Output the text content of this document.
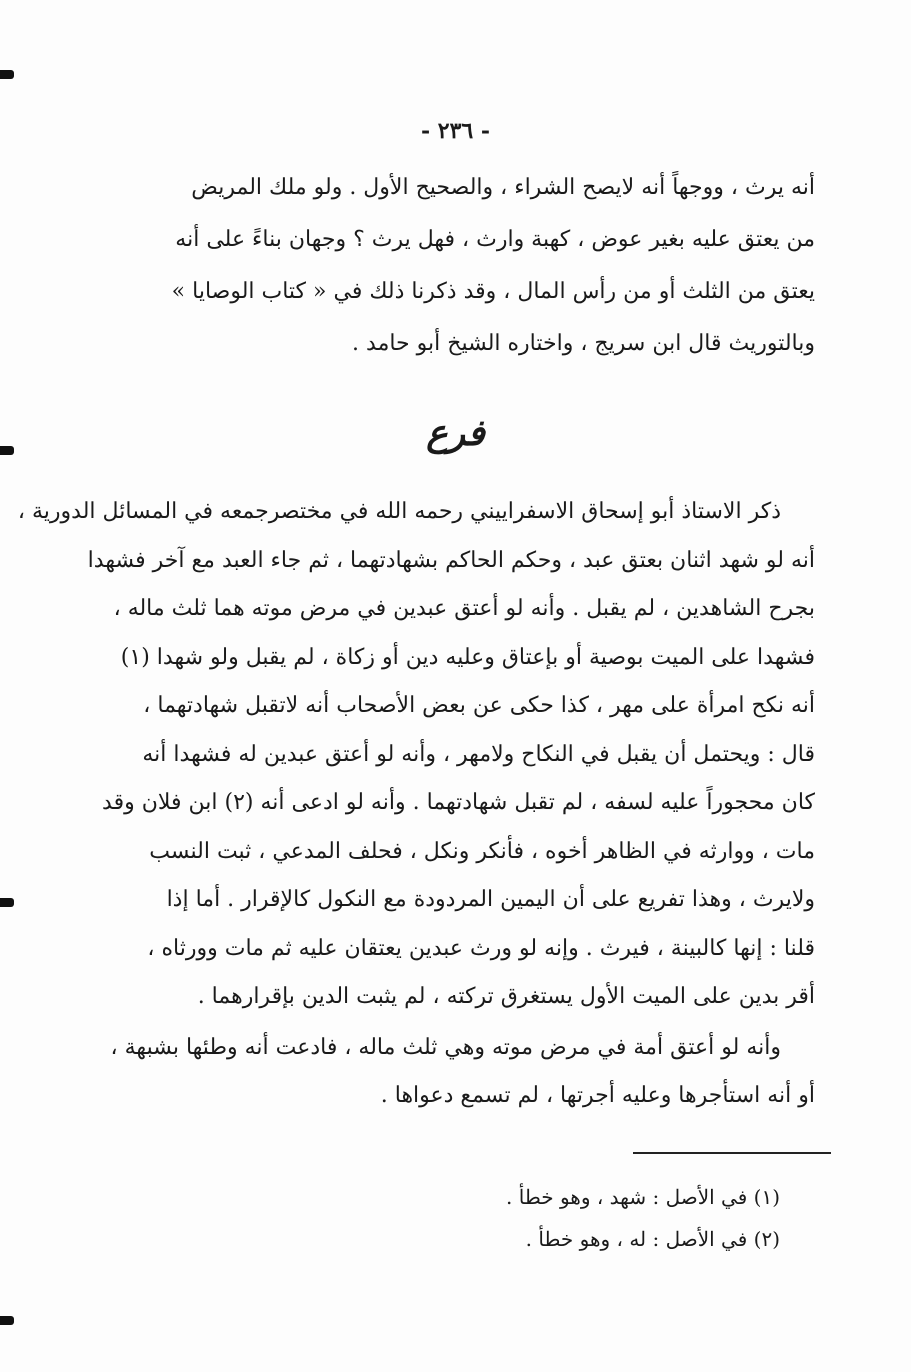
- ٢٣٦ -
أنه يرث ، ووجهاً أنه لايصح الشراء ، والصحيح الأول . ولو ملك المريض
من يعتق عليه بغير عوض ، كهبة وارث ، فهل يرث ؟ وجهان بناءً على أنه
يعتق من الثلث أو من رأس المال ، وقد ذكرنا ذلك في « كتاب الوصايا »
وبالتوريث قال ابن سريج ، واختاره الشيخ أبو حامد .
فرع
ذكر الاستاذ أبو إسحاق الاسفراييني رحمه الله في مختصرجمعه في المسائل الدورية ،
أنه لو شهد اثنان بعتق عبد ، وحكم الحاكم بشهادتهما ، ثم جاء العبد مع آخر فشهدا
بجرح الشاهدين ، لم يقبل . وأنه لو أعتق عبدين في مرض موته هما ثلث ماله ،
فشهدا على الميت بوصية أو بإعتاق وعليه دين أو زكاة ، لم يقبل ولو شهدا (١)
أنه نكح امرأة على مهر ، كذا حكى عن بعض الأصحاب أنه لاتقبل شهادتهما ،
قال : ويحتمل أن يقبل في النكاح ولامهر ، وأنه لو أعتق عبدين له فشهدا أنه
كان محجوراً عليه لسفه ، لم تقبل شهادتهما . وأنه لو ادعى أنه (٢) ابن فلان وقد
مات ، ووارثه في الظاهر أخوه ، فأنكر ونكل ، فحلف المدعي ، ثبت النسب
ولايرث ، وهذا تفريع على أن اليمين المردودة مع النكول كالإقرار . أما إذا
قلنا : إنها كالبينة ، فيرث . وإنه لو ورث عبدين يعتقان عليه ثم مات وورثاه ،
أقر بدين على الميت الأول يستغرق تركته ، لم يثبت الدين بإقرارهما .
وأنه لو أعتق أمة في مرض موته وهي ثلث ماله ، فادعت أنه وطئها بشبهة ،
أو أنه استأجرها وعليه أجرتها ، لم تسمع دعواها .
(١) في الأصل : شهد ، وهو خطأ .
(٢) في الأصل : له ، وهو خطأ .
